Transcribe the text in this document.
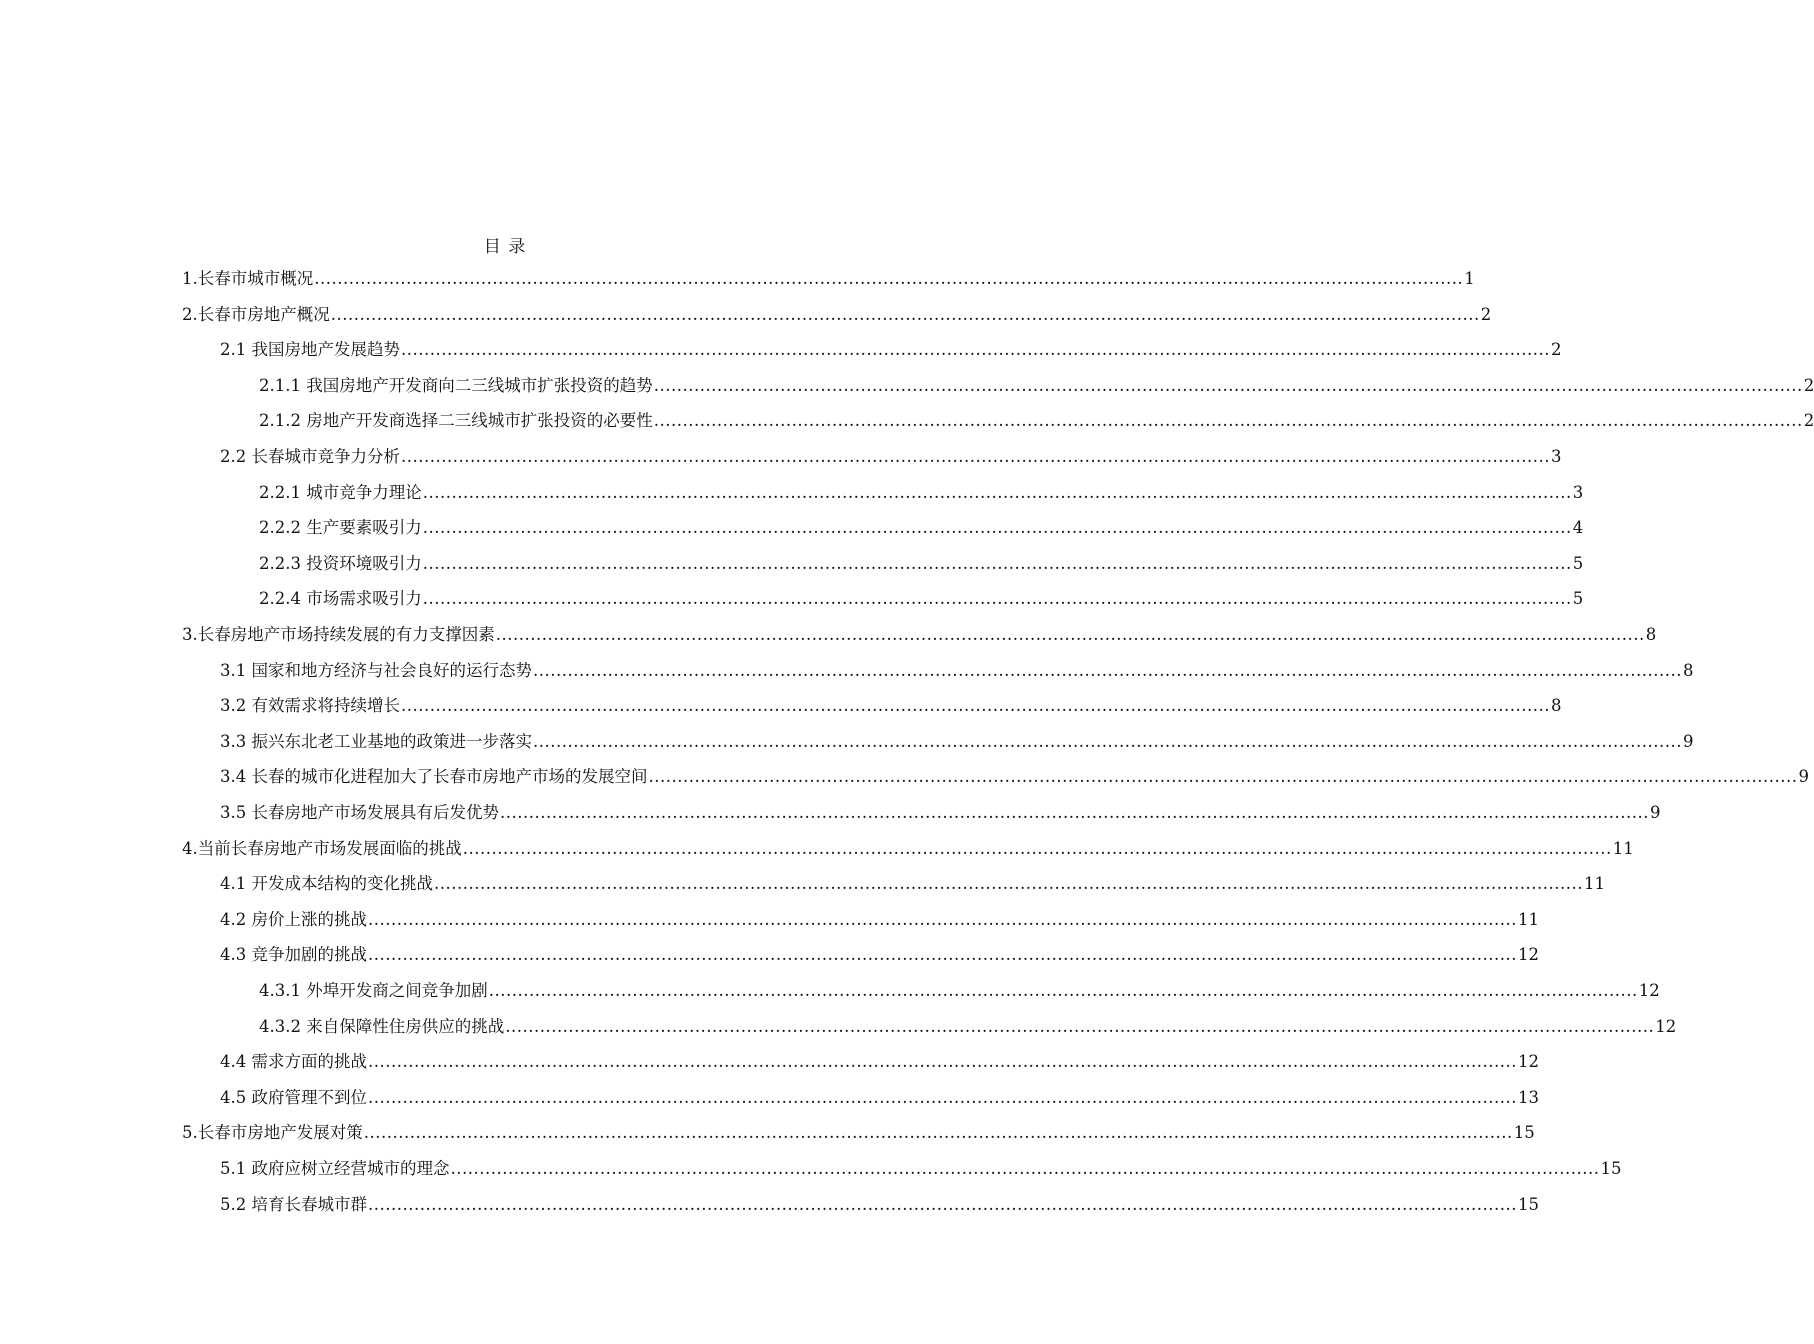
目 录
1.长春市城市概况 ........................................................................................................................................................................................................ 1
2.长春市房地产概况 ........................................................................................................................................................................................................ 2
2.1 我国房地产发展趋势 ........................................................................................................................................................................................................ 2
2.1.1 我国房地产开发商向二三线城市扩张投资的趋势 ........................................................................................................................................................................................................ 2
2.1.2 房地产开发商选择二三线城市扩张投资的必要性 ........................................................................................................................................................................................................ 2
2.2 长春城市竞争力分析 ........................................................................................................................................................................................................ 3
2.2.1 城市竞争力理论 ........................................................................................................................................................................................................ 3
2.2.2 生产要素吸引力 ........................................................................................................................................................................................................ 4
2.2.3 投资环境吸引力 ........................................................................................................................................................................................................ 5
2.2.4 市场需求吸引力 ........................................................................................................................................................................................................ 5
3.长春房地产市场持续发展的有力支撑因素 ........................................................................................................................................................................................................ 8
3.1 国家和地方经济与社会良好的运行态势 ........................................................................................................................................................................................................ 8
3.2 有效需求将持续增长 ........................................................................................................................................................................................................ 8
3.3 振兴东北老工业基地的政策进一步落实 ........................................................................................................................................................................................................ 9
3.4 长春的城市化进程加大了长春市房地产市场的发展空间 ........................................................................................................................................................................................................ 9
3.5 长春房地产市场发展具有后发优势 ........................................................................................................................................................................................................ 9
4.当前长春房地产市场发展面临的挑战 ........................................................................................................................................................................................................ 11
4.1 开发成本结构的变化挑战 ........................................................................................................................................................................................................ 11
4.2 房价上涨的挑战 ........................................................................................................................................................................................................ 11
4.3 竞争加剧的挑战 ........................................................................................................................................................................................................ 12
4.3.1 外埠开发商之间竞争加剧 ........................................................................................................................................................................................................ 12
4.3.2 来自保障性住房供应的挑战 ........................................................................................................................................................................................................ 12
4.4 需求方面的挑战 ........................................................................................................................................................................................................ 12
4.5 政府管理不到位 ........................................................................................................................................................................................................ 13
5.长春市房地产发展对策 ........................................................................................................................................................................................................ 15
5.1 政府应树立经营城市的理念 ........................................................................................................................................................................................................ 15
5.2 培育长春城市群 ........................................................................................................................................................................................................ 15
